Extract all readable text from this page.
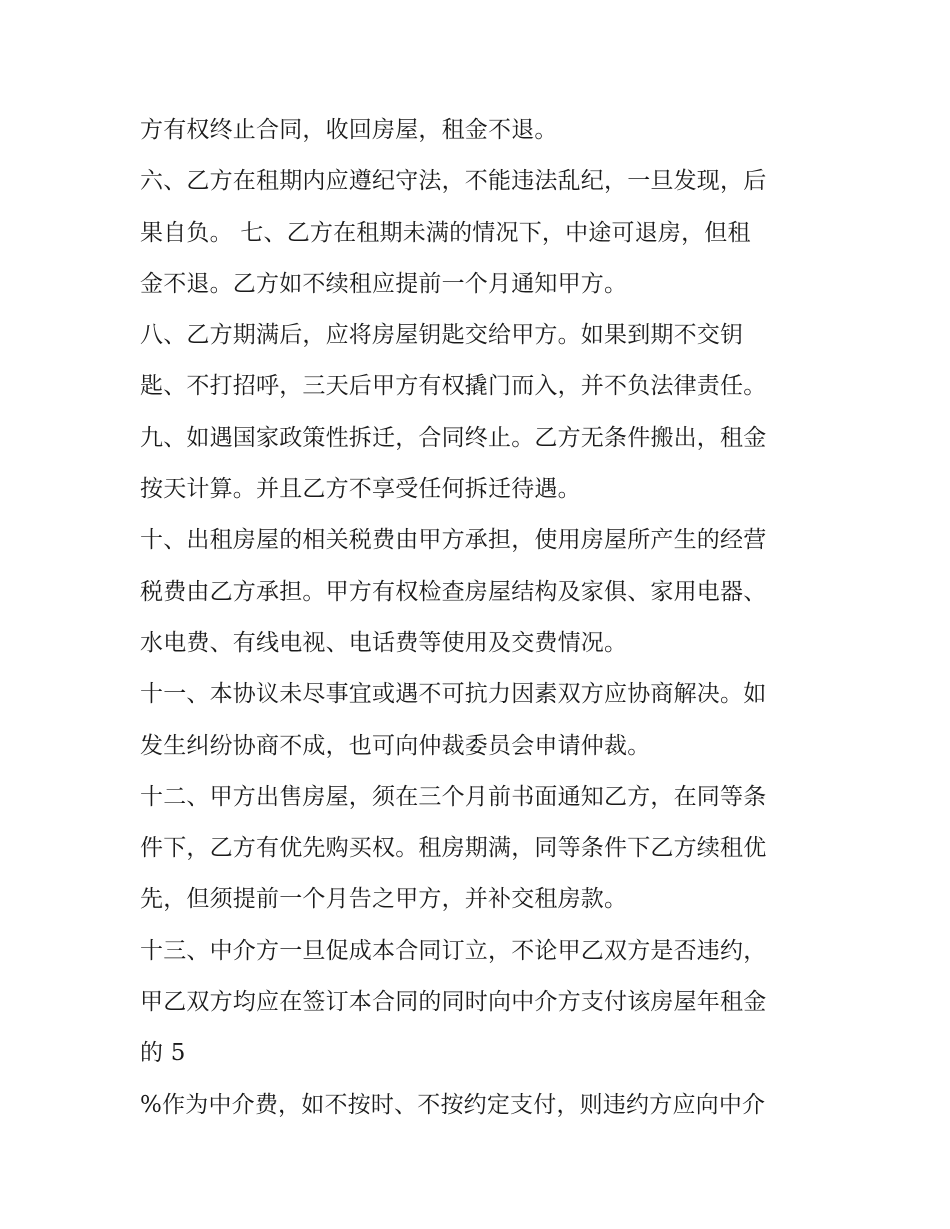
方有权终止合同，收回房屋，租金不退。
六、乙方在租期内应遵纪守法，不能违法乱纪，一旦发现，后
果自负。 七、乙方在租期未满的情况下，中途可退房，但租
金不退。乙方如不续租应提前一个月通知甲方。
八、乙方期满后，应将房屋钥匙交给甲方。如果到期不交钥
匙、不打招呼，三天后甲方有权撬门而入，并不负法律责任。
九、如遇国家政策性拆迁，合同终止。乙方无条件搬出，租金
按天计算。并且乙方不享受任何拆迁待遇。
十、出租房屋的相关税费由甲方承担，使用房屋所产生的经营
税费由乙方承担。甲方有权检查房屋结构及家俱、家用电器、
水电费、有线电视、电话费等使用及交费情况。
十一、本协议未尽事宜或遇不可抗力因素双方应协商解决。如
发生纠纷协商不成，也可向仲裁委员会申请仲裁。
十二、甲方出售房屋，须在三个月前书面通知乙方，在同等条
件下，乙方有优先购买权。租房期满，同等条件下乙方续租优
先，但须提前一个月告之甲方，并补交租房款。
十三、中介方一旦促成本合同订立，不论甲乙双方是否违约，
甲乙双方均应在签订本合同的同时向中介方支付该房屋年租金
的 5
%作为中介费，如不按时、不按约定支付，则违约方应向中介
